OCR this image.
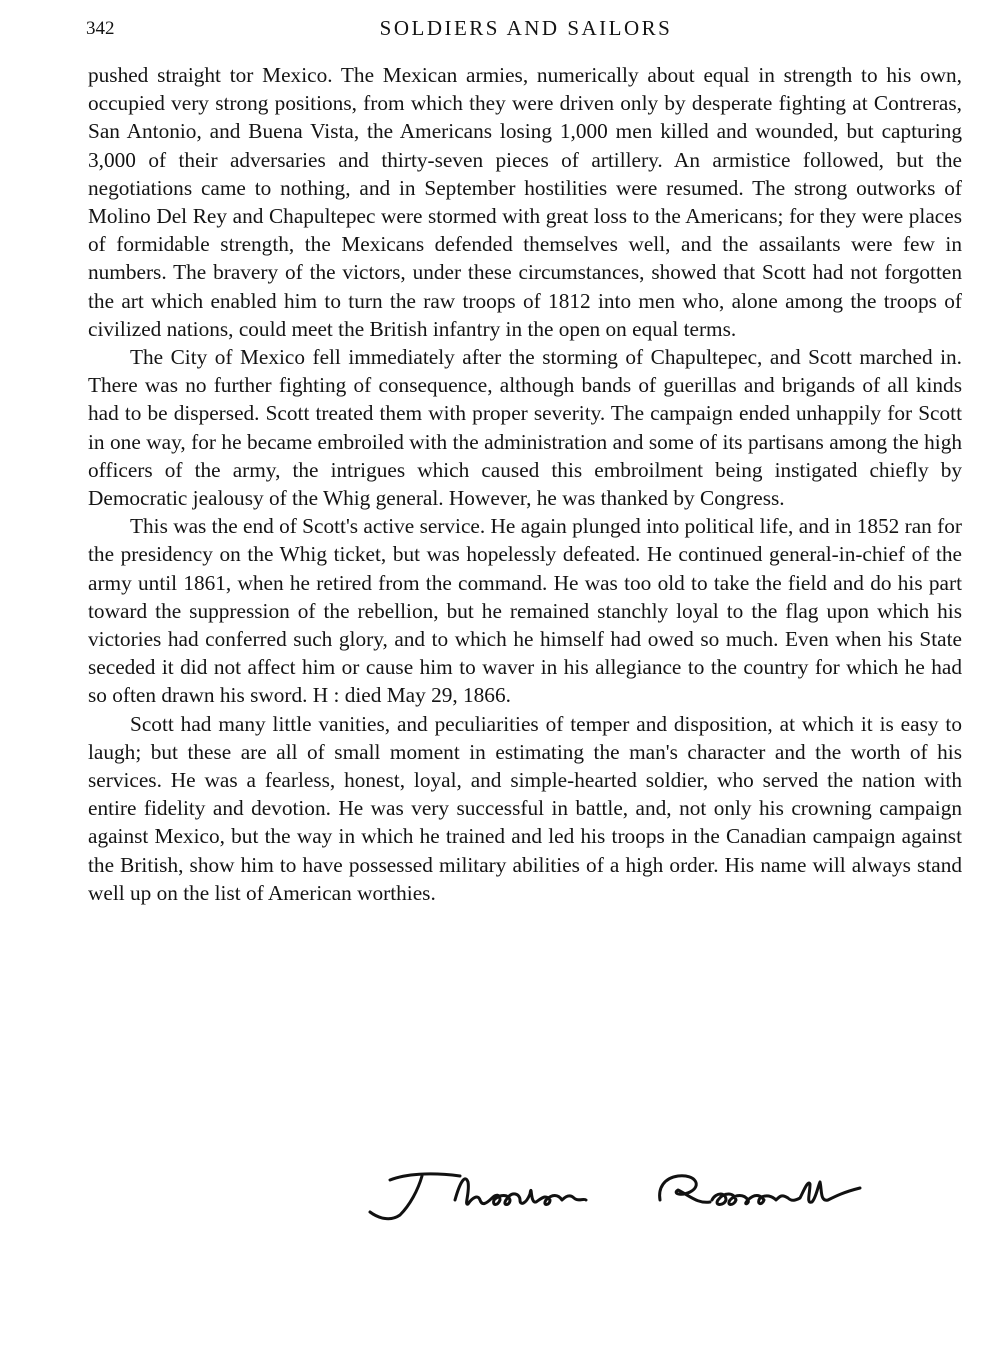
342	SOLDIERS AND SAILORS

pushed straight tor Mexico. The Mexican armies, numerically about equal in strength to his own, occupied very strong positions, from which they were driven only by desperate fighting at Contreras, San Antonio, and Buena Vista, the Americans losing 1,000 men killed and wounded, but capturing 3,000 of their adversaries and thirty-seven pieces of artillery. An armistice followed, but the negotiations came to nothing, and in September hostilities were resumed. The strong outworks of Molino Del Rey and Chapultepec were stormed with great loss to the Americans; for they were places of formidable strength, the Mexicans defended themselves well, and the assailants were few in numbers. The bravery of the victors, under these circumstances, showed that Scott had not forgotten the art which enabled him to turn the raw troops of 1812 into men who, alone among the troops of civilized nations, could meet the British infantry in the open on equal terms.

The City of Mexico fell immediately after the storming of Chapultepec, and Scott marched in. There was no further fighting of consequence, although bands of guerillas and brigands of all kinds had to be dispersed. Scott treated them with proper severity. The campaign ended unhappily for Scott in one way, for he became embroiled with the administration and some of its partisans among the high officers of the army, the intrigues which caused this embroilment being instigated chiefly by Democratic jealousy of the Whig general. However, he was thanked by Congress.

This was the end of Scott's active service. He again plunged into political life, and in 1852 ran for the presidency on the Whig ticket, but was hopelessly defeated. He continued general-in-chief of the army until 1861, when he retired from the command. He was too old to take the field and do his part toward the suppression of the rebellion, but he remained stanchly loyal to the flag upon which his victories had conferred such glory, and to which he himself had owed so much. Even when his State seceded it did not affect him or cause him to waver in his allegiance to the country for which he had so often drawn his sword. H : died May 29, 1866.

Scott had many little vanities, and peculiarities of temper and disposition, at which it is easy to laugh; but these are all of small moment in estimating the man's character and the worth of his services. He was a fearless, honest, loyal, and simple-hearted soldier, who served the nation with entire fidelity and devotion. He was very successful in battle, and, not only his crowning campaign against Mexico, but the way in which he trained and led his troops in the Canadian campaign against the British, show him to have possessed military abilities of a high order. His name will always stand well up on the list of American worthies.
